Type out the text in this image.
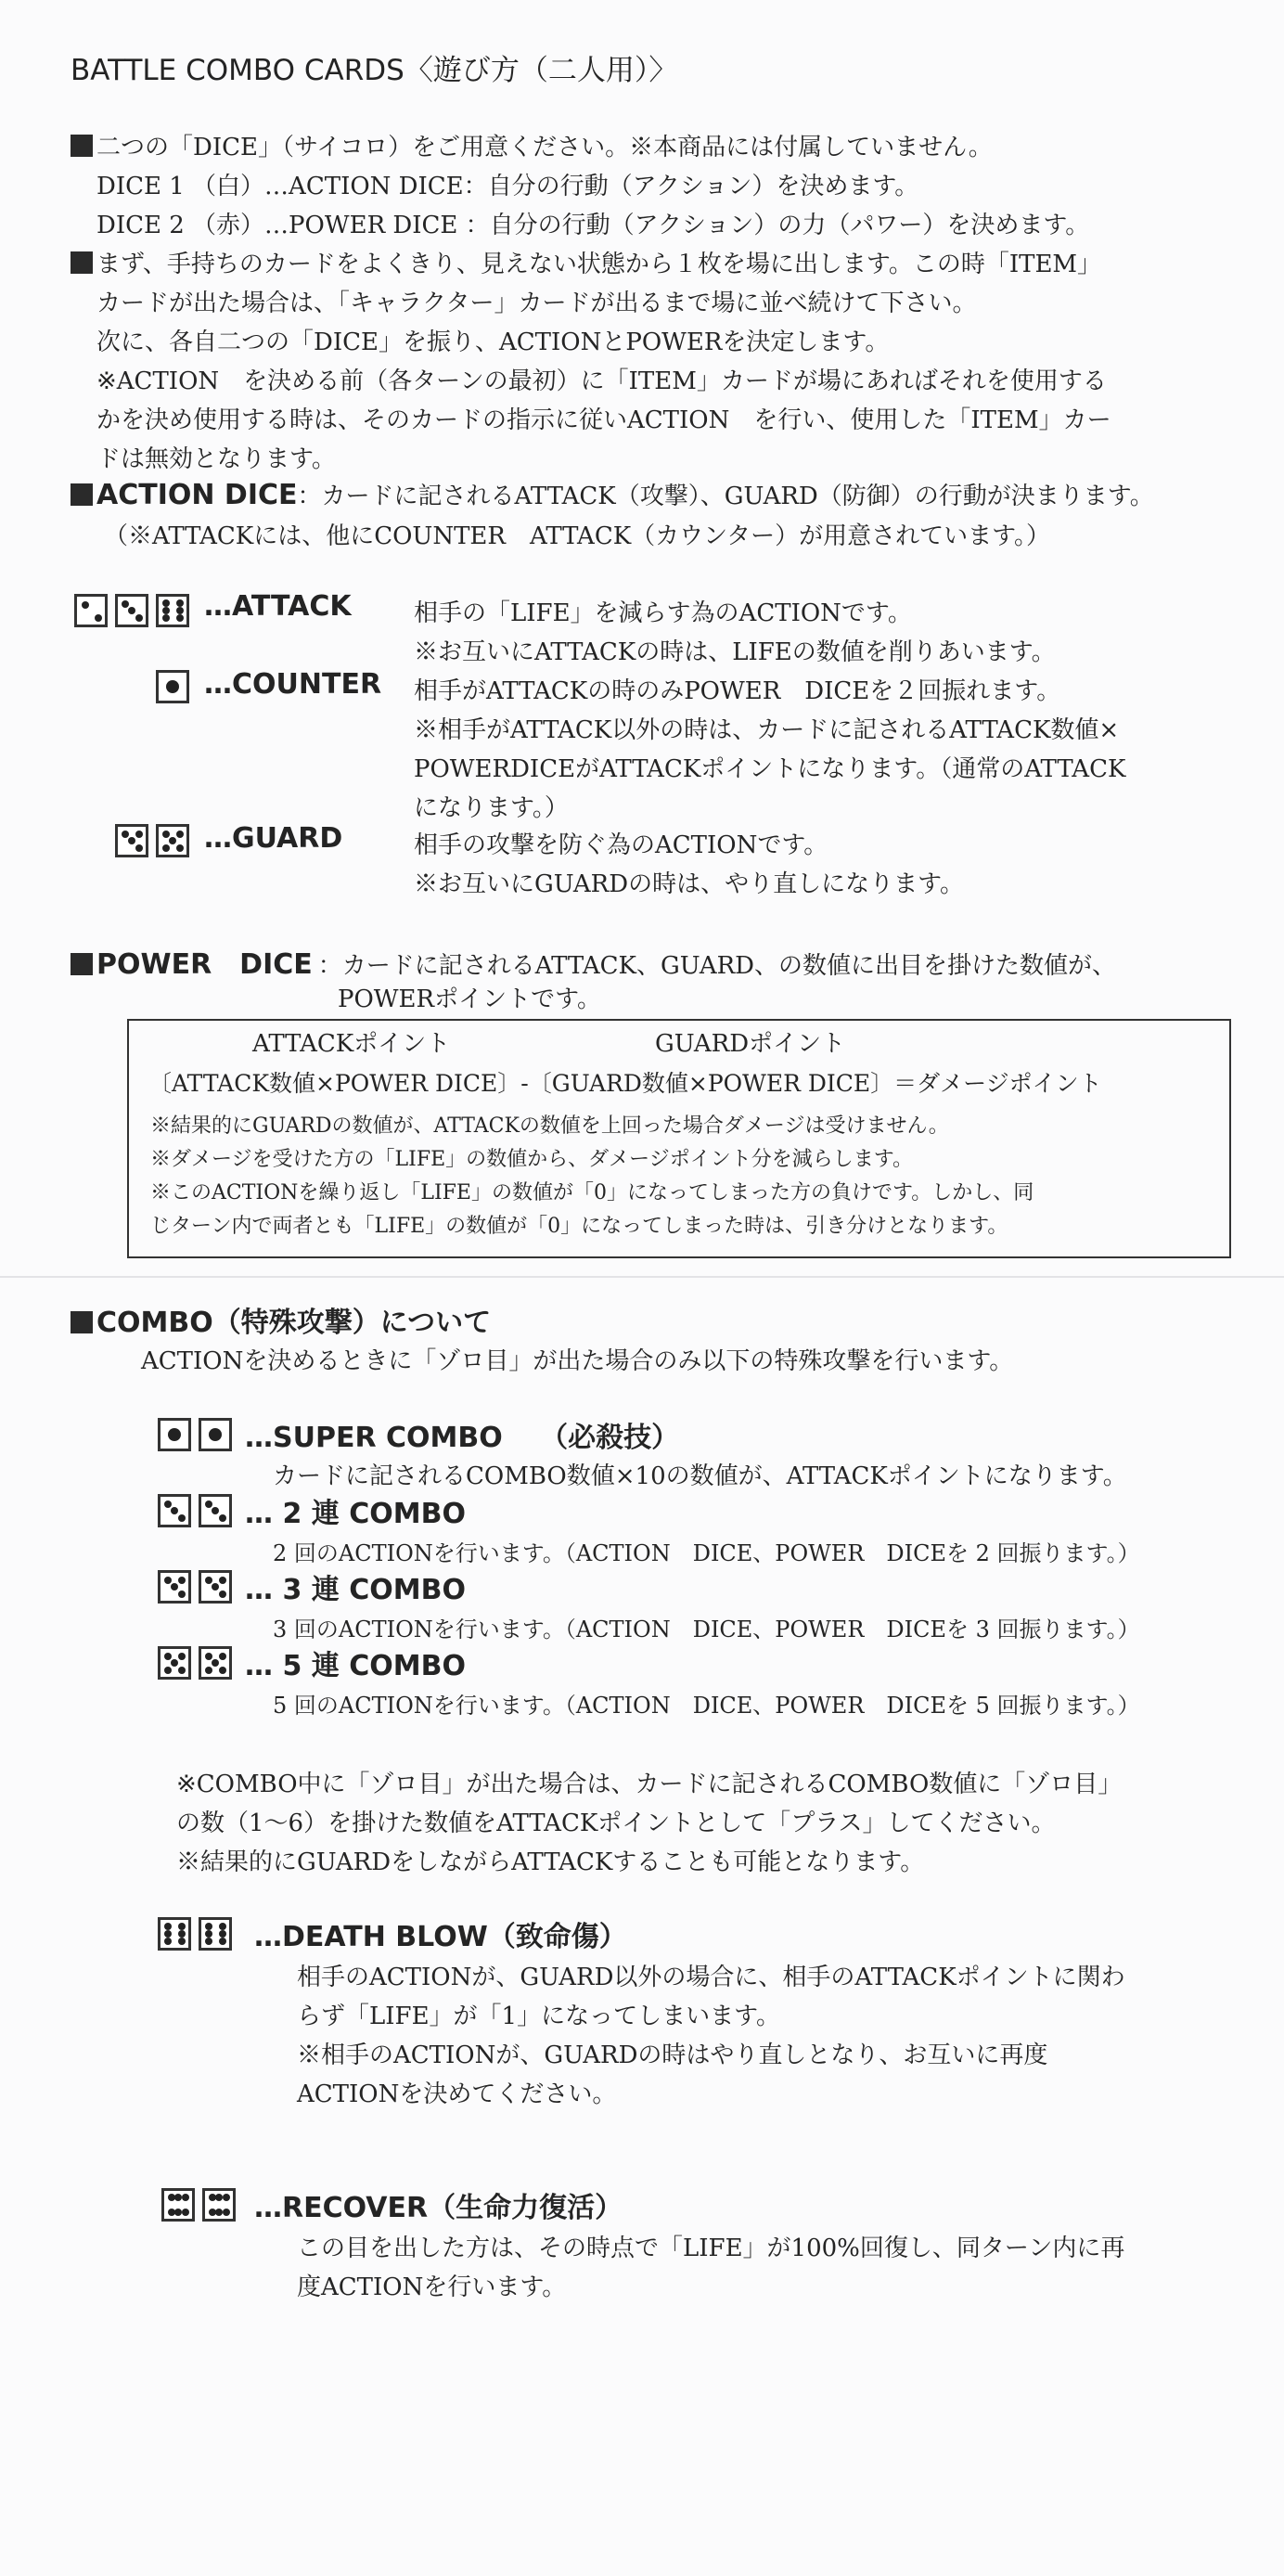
BATTLE COMBO CARDS〈遊び方（二人用）〉
二つの「DICE」（サイコロ）をご用意ください。※本商品には付属していません。
DICE 1 （白）…ACTION DICE：自分の行動（アクション）を決めます。
DICE 2 （赤）…POWER DICE ：自分の行動（アクション）の力（パワー）を決めます。
まず、手持ちのカードをよくきり、見えない状態から１枚を場に出します。この時「ITEM」
カードが出た場合は、「キャラクター」カードが出るまで場に並べ続けて下さい。
次に、各自二つの「DICE」を振り、ACTIONとPOWERを決定します。
※ACTION　を決める前（各ターンの最初）に「ITEM」カードが場にあればそれを使用する
かを決め使用する時は、そのカードの指示に従いACTION　を行い、使用した「ITEM」カー
ドは無効となります。
ACTION DICE：カードに記されるATTACK（攻撃）、GUARD（防御）の行動が決まります。
（※ATTACKには、他にCOUNTER　ATTACK（カウンター）が用意されています。）
…ATTACK	相手の「LIFE」を減らす為のACTIONです。
※お互いにATTACKの時は、LIFEの数値を削りあいます。
…COUNTER 相手がATTACKの時のみPOWER　DICEを２回振れます。
※相手がATTACK以外の時は、カードに記されるATTACK数値×
POWERDICEがATTACKポイントになります。（通常のATTACK
になります。）
…GUARD	相手の攻撃を防ぐ為のACTIONです。
※お互いにGUARDの時は、やり直しになります。
POWER　DICE ：カードに記されるATTACK、GUARD、の数値に出目を掛けた数値が、
POWERポイントです。
ATTACKポイント	GUARDポイント
〔ATTACK数値×POWER DICE〕-〔GUARD数値×POWER DICE〕＝ダメージポイント
※結果的にGUARDの数値が、ATTACKの数値を上回った場合ダメージは受けません。
※ダメージを受けた方の「LIFE」の数値から、ダメージポイント分を減らします。
※このACTIONを繰り返し「LIFE」の数値が「0」になってしまった方の負けです。しかし、同
じターン内で両者とも「LIFE」の数値が「0」になってしまった時は、引き分けとなります。
COMBO（特殊攻撃）について
ACTIONを決めるときに「ゾロ目」が出た場合のみ以下の特殊攻撃を行います。
…SUPER COMBO　 （必殺技）
カードに記されるCOMBO数値×10の数値が、ATTACKポイントになります。
… 2 連 COMBO
2 回のACTIONを行います。（ACTION　DICE、POWER　DICEを 2 回振ります。）
… 3 連 COMBO
3 回のACTIONを行います。（ACTION　DICE、POWER　DICEを 3 回振ります。）
… 5 連 COMBO
5 回のACTIONを行います。（ACTION　DICE、POWER　DICEを 5 回振ります。）
※COMBO中に「ゾロ目」が出た場合は、カードに記されるCOMBO数値に「ゾロ目」
の数（1～6）を掛けた数値をATTACKポイントとして「プラス」してください。
※結果的にGUARDをしながらATTACKすることも可能となります。
…DEATH BLOW（致命傷）
相手のACTIONが、GUARD以外の場合に、相手のATTACKポイントに関わ
らず「LIFE」が「1」になってしまいます。
※相手のACTIONが、GUARDの時はやり直しとなり、お互いに再度
ACTIONを決めてください。
…RECOVER（生命力復活）
この目を出した方は、その時点で「LIFE」が100%回復し、同ターン内に再
度ACTIONを行います。
